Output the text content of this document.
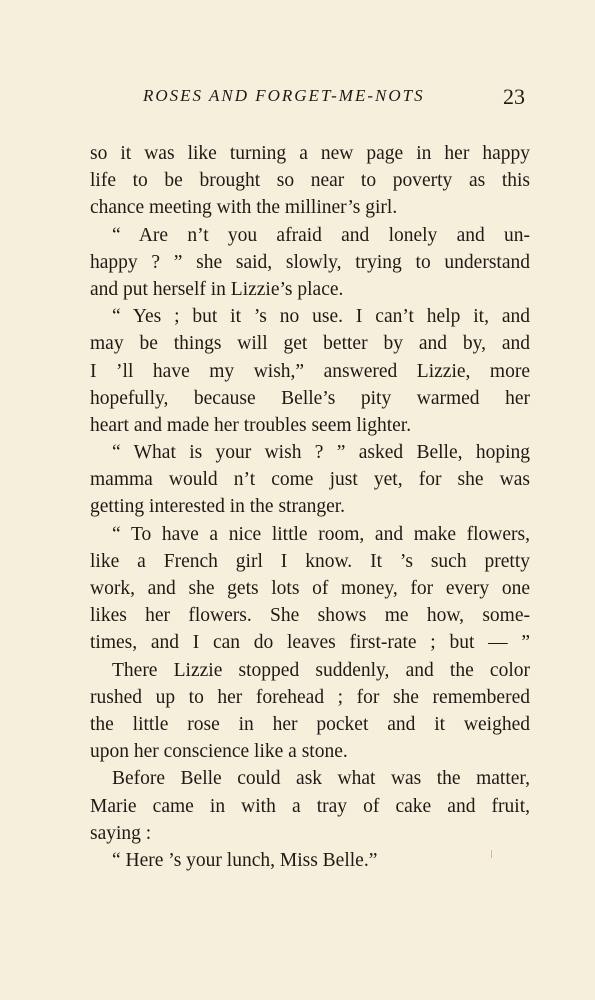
ROSES AND FORGET-ME-NOTS	23
so it was like turning a new page in her happy
life to be brought so near to poverty as this
chance meeting with the milliner’s girl.
“ Are n’t you afraid and lonely and un-
happy ? ” she said, slowly, trying to understand
and put herself in Lizzie’s place.
“ Yes ; but it ’s no use. I can’t help it, and
may be things will get better by and by, and
I ’ll have my wish,” answered Lizzie, more
hopefully, because Belle’s pity warmed her
heart and made her troubles seem lighter.
“ What is your wish ? ” asked Belle, hoping
mamma would n’t come just yet, for she was
getting interested in the stranger.
“ To have a nice little room, and make flowers,
like a French girl I know. It ’s such pretty
work, and she gets lots of money, for every one
likes her flowers. She shows me how, some-
times, and I can do leaves first-rate ; but — ”
There Lizzie stopped suddenly, and the color
rushed up to her forehead ; for she remembered
the little rose in her pocket and it weighed
upon her conscience like a stone.
Before Belle could ask what was the matter,
Marie came in with a tray of cake and fruit,
saying :
“ Here ’s your lunch, Miss Belle.”
